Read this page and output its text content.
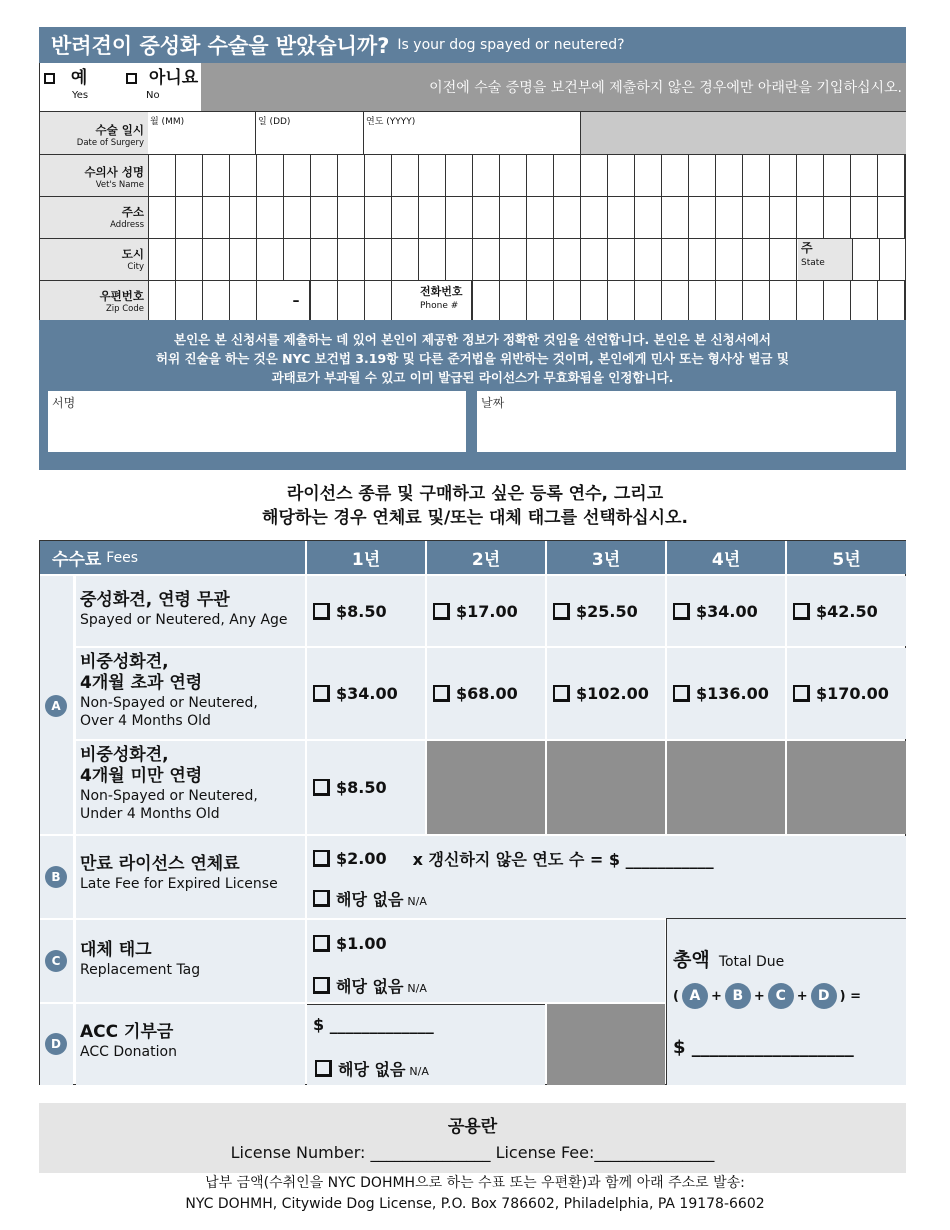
반려견이 중성화 수술을 받았습니까? Is your dog spayed or neutered?
예
Yes
아니요
No	이전에 수술 증명을 보건부에 제출하지 않은 경우에만 아래란을 기입하십시오.
수술 일시
Date of Surgery
월 (MM)	일 (DD)	연도 (YYYY)
수의사 성명
Vet's Name
주소
Address
도시
City
주
State
우편번호
Zip Code	–
전화번호
Phone #
본인은 본 신청서를 제출하는 데 있어 본인이 제공한 정보가 정확한 것임을 선언합니다. 본인은 본 신청서에서
허위 진술을 하는 것은 NYC 보건법 3.19항 및 다른 준거법을 위반하는 것이며, 본인에게 민사 또는 형사상 벌금 및
과태료가 부과될 수 있고 이미 발급된 라이선스가 무효화됨을 인정합니다.
서명	날짜
라이선스 종류 및 구매하고 싶은 등록 연수, 그리고
해당하는 경우 연체료 및/또는 대체 태그를 선택하십시오.
수수료 Fees	1년	2년	3년	4년	5년
A
중성화견, 연령 무관
Spayed or Neutered, Any Age	$8.50	$17.00	$25.50	$34.00	$42.50
비중성화견,
4개월 초과 연령
Non-Spayed or Neutered,
Over 4 Months Old
$34.00	$68.00	$102.00	$136.00	$170.00
비중성화견,
4개월 미만 연령
Non-Spayed or Neutered,
Under 4 Months Old
$8.50
B
만료 라이선스 연체료
Late Fee for Expired License
$2.00 x 갱신하지 않은 연도 수 = $ ___________
해당 없음 N/A
C
대체 태그
Replacement Tag
$1.00
해당 없음 N/A
D
ACC 기부금
ACC Donation
$ _____________
해당 없음 N/A
총액 Total Due
( A + B + C + D ) =
$ __________________
공용란
License Number: _______________ License Fee:_______________
납부 금액(수취인을 NYC DOHMH으로 하는 수표 또는 우편환)과 함께 아래 주소로 발송:
NYC DOHMH, Citywide Dog License, P.O. Box 786602, Philadelphia, PA 19178-6602
